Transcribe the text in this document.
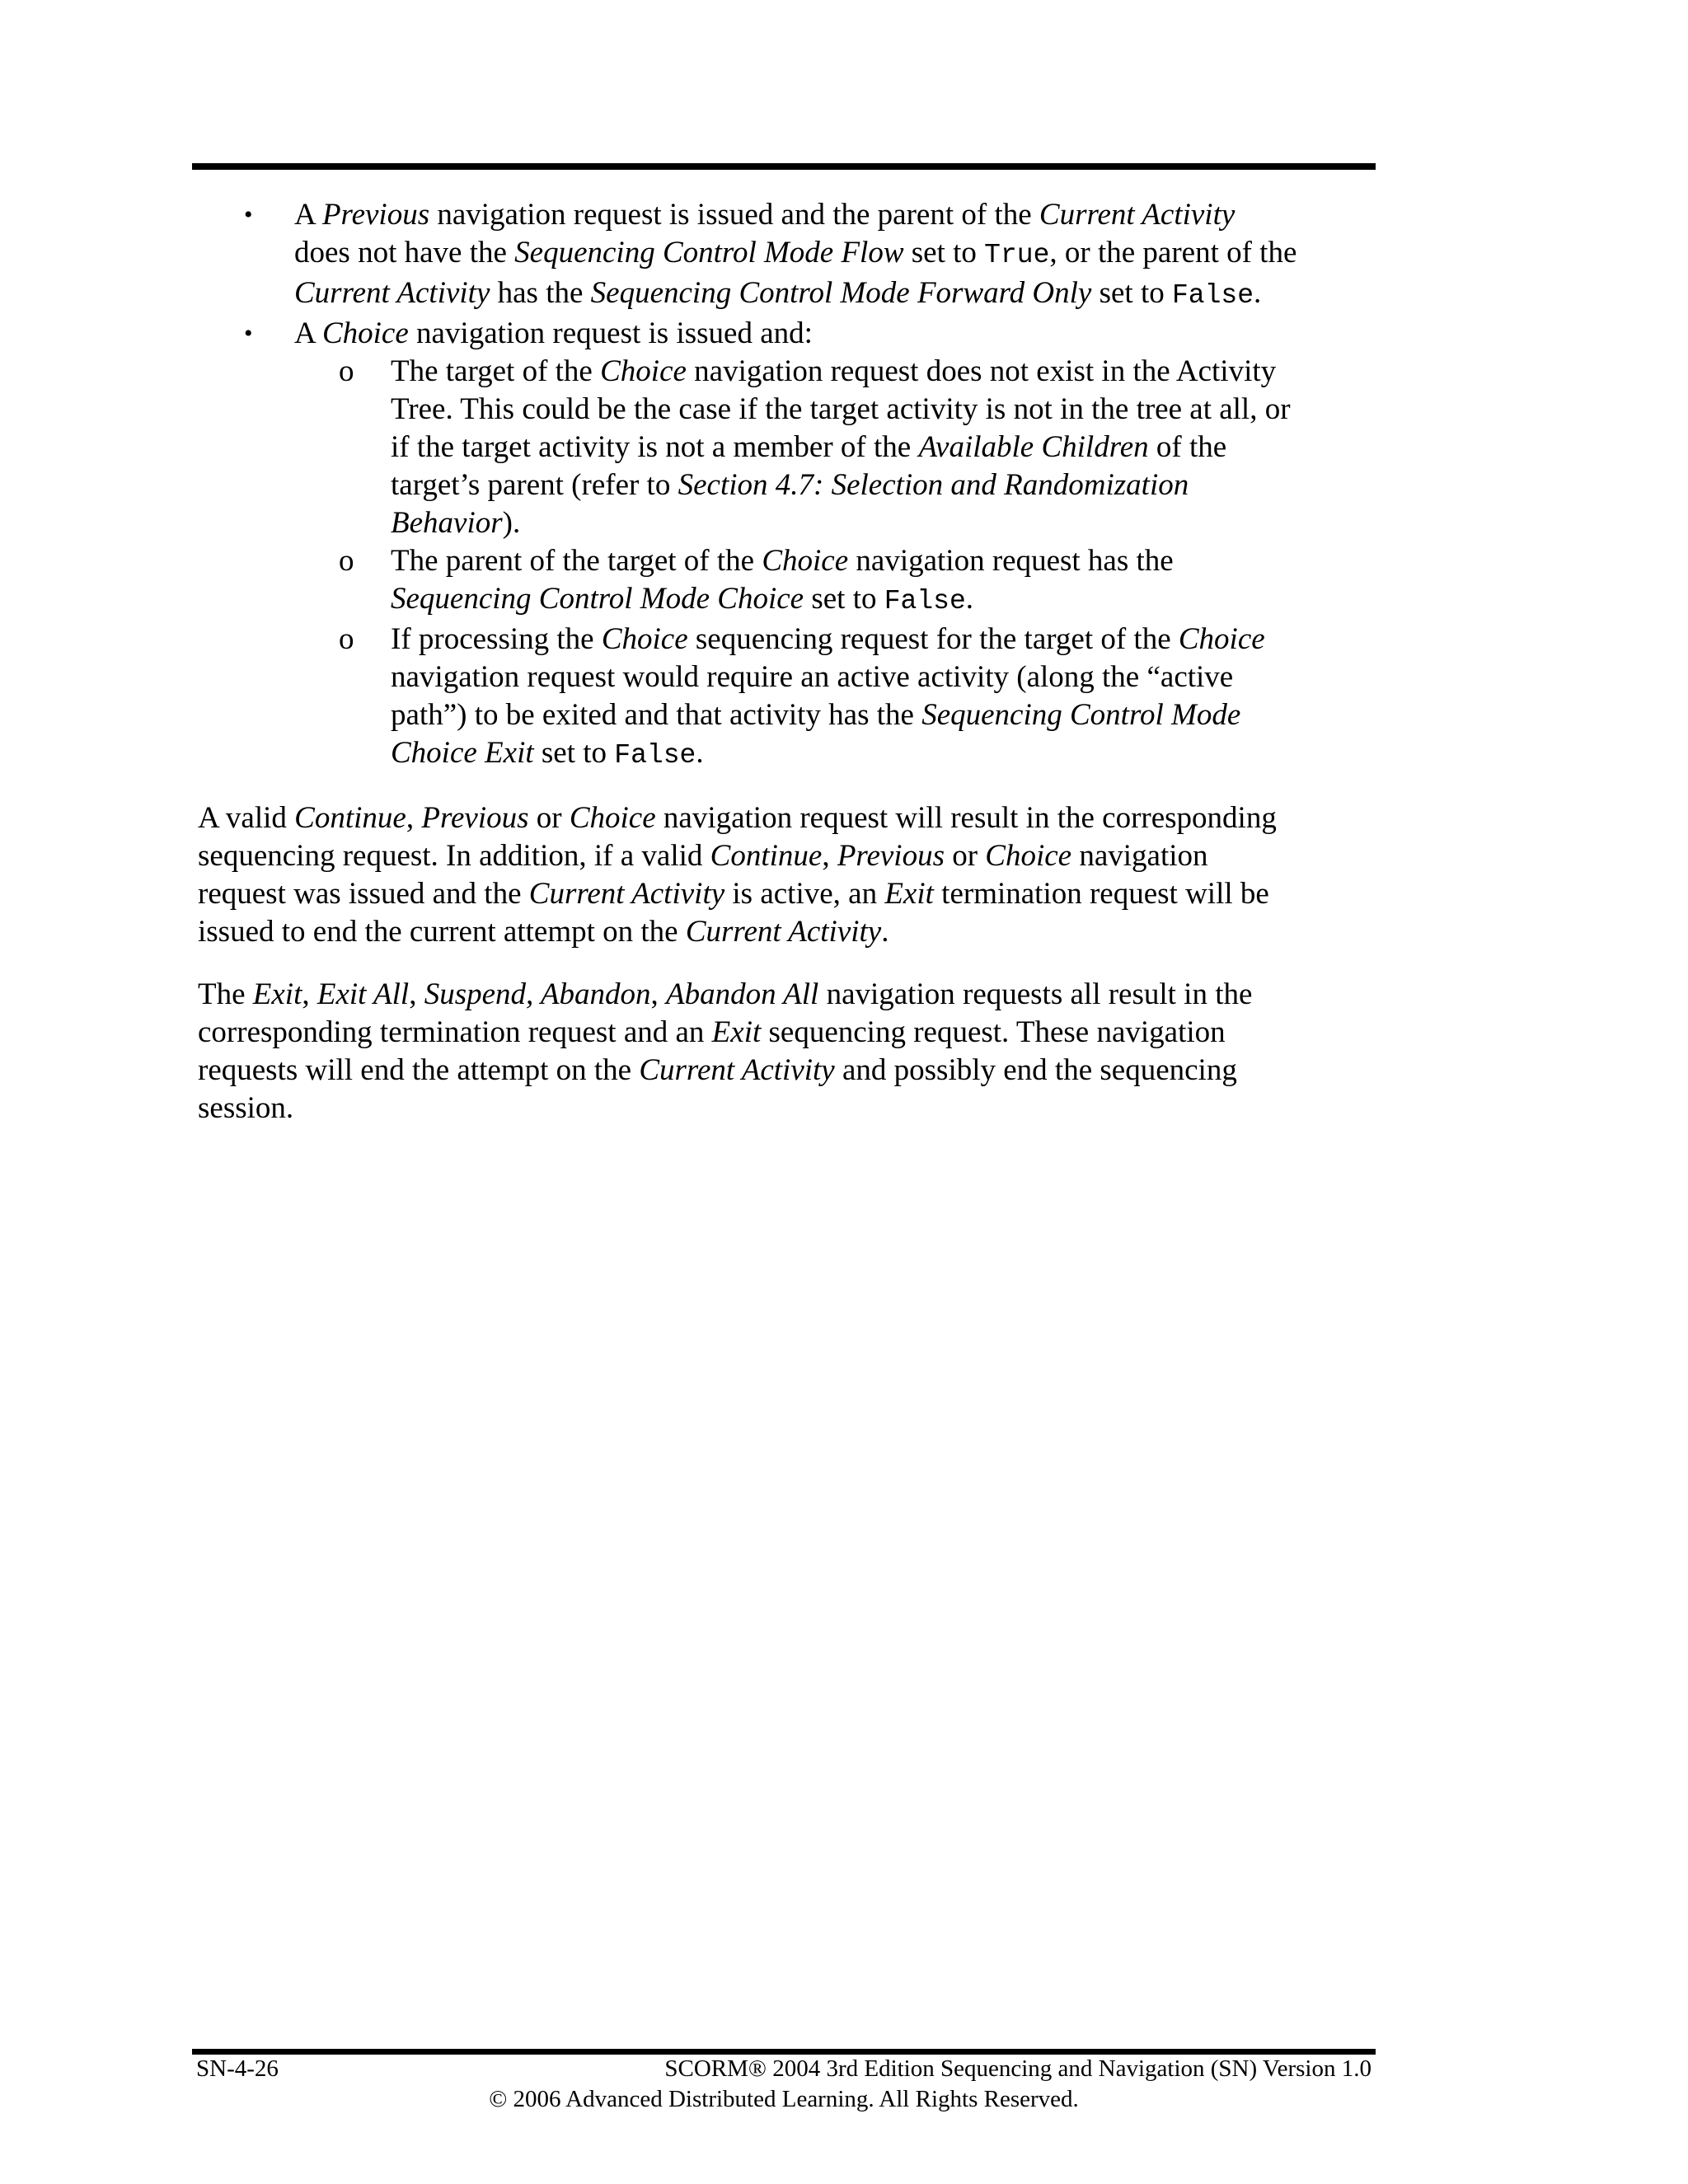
• A Previous navigation request is issued and the parent of the Current Activity
does not have the Sequencing Control Mode Flow set to True, or the parent of the
Current Activity has the Sequencing Control Mode Forward Only set to False.
• A Choice navigation request is issued and:
o The target of the Choice navigation request does not exist in the Activity
Tree. This could be the case if the target activity is not in the tree at all, or
if the target activity is not a member of the Available Children of the
target’s parent (refer to Section 4.7: Selection and Randomization
Behavior).
o The parent of the target of the Choice navigation request has the
Sequencing Control Mode Choice set to False.
o If processing the Choice sequencing request for the target of the Choice
navigation request would require an active activity (along the “active
path”) to be exited and that activity has the Sequencing Control Mode
Choice Exit set to False.
A valid Continue, Previous or Choice navigation request will result in the corresponding
sequencing request. In addition, if a valid Continue, Previous or Choice navigation
request was issued and the Current Activity is active, an Exit termination request will be
issued to end the current attempt on the Current Activity.
The Exit, Exit All, Suspend, Abandon, Abandon All navigation requests all result in the
corresponding termination request and an Exit sequencing request. These navigation
requests will end the attempt on the Current Activity and possibly end the sequencing
session.
SN-4-26	SCORM® 2004 3rd Edition Sequencing and Navigation (SN) Version 1.0
© 2006 Advanced Distributed Learning. All Rights Reserved.
